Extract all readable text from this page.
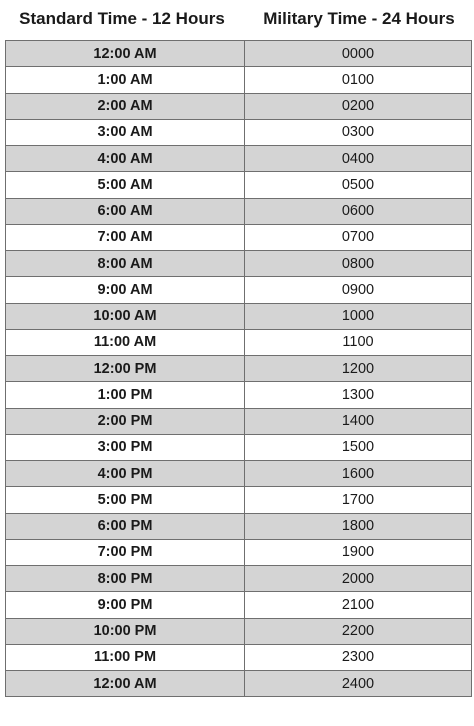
Standard Time - 12 Hours	Military Time - 24 Hours
12:00 AM	0000
1:00 AM	0100
2:00 AM	0200
3:00 AM	0300
4:00 AM	0400
5:00 AM	0500
6:00 AM	0600
7:00 AM	0700
8:00 AM	0800
9:00 AM	0900
10:00 AM	1000
11:00 AM	1100
12:00 PM	1200
1:00 PM	1300
2:00 PM	1400
3:00 PM	1500
4:00 PM	1600
5:00 PM	1700
6:00 PM	1800
7:00 PM	1900
8:00 PM	2000
9:00 PM	2100
10:00 PM	2200
11:00 PM	2300
12:00 AM	2400
